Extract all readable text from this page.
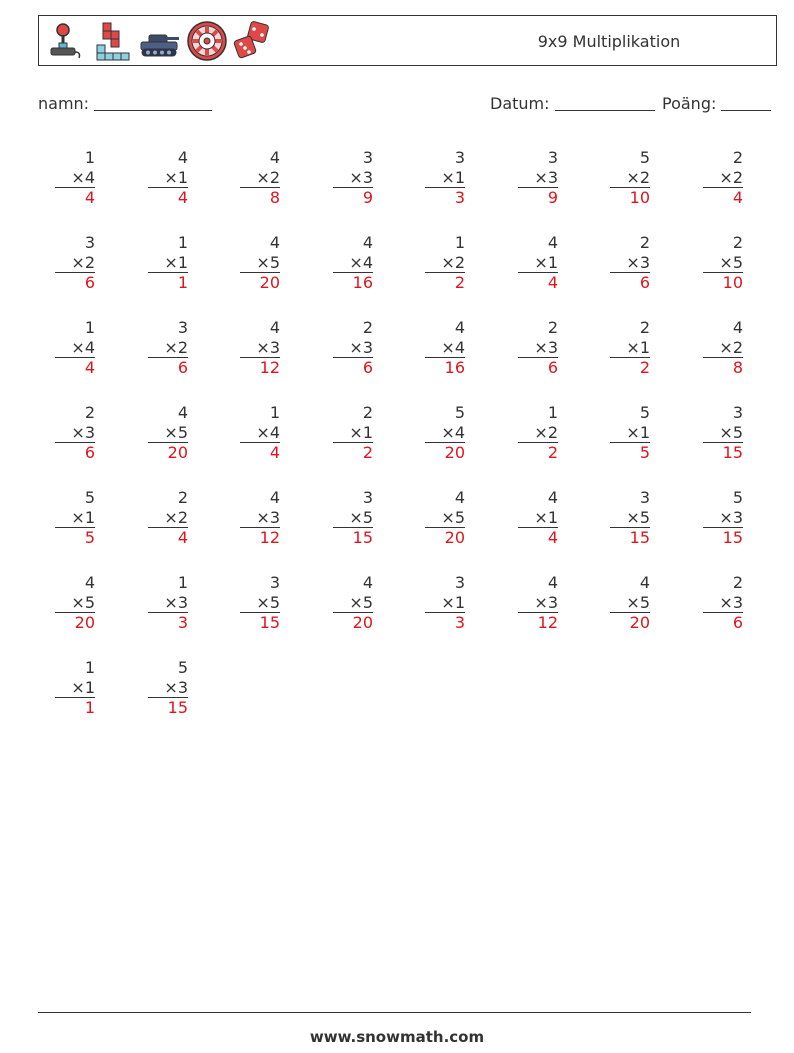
9x9 Multiplikation
namn:	Datum:	Poäng:
1
×4
4
4
×1
4
4
×2
8
3
×3
9
3
×1
3
3
×3
9
5
×2
10
2
×2
4
3
×2
6
1
×1
1
4
×5
20
4
×4
16
1
×2
2
4
×1
4
2
×3
6
2
×5
10
1
×4
4
3
×2
6
4
×3
12
2
×3
6
4
×4
16
2
×3
6
2
×1
2
4
×2
8
2
×3
6
4
×5
20
1
×4
4
2
×1
2
5
×4
20
1
×2
2
5
×1
5
3
×5
15
5
×1
5
2
×2
4
4
×3
12
3
×5
15
4
×5
20
4
×1
4
3
×5
15
5
×3
15
4
×5
20
1
×3
3
3
×5
15
4
×5
20
3
×1
3
4
×3
12
4
×5
20
2
×3
6
1
×1
1
5
×3
15
www.snowmath.com
